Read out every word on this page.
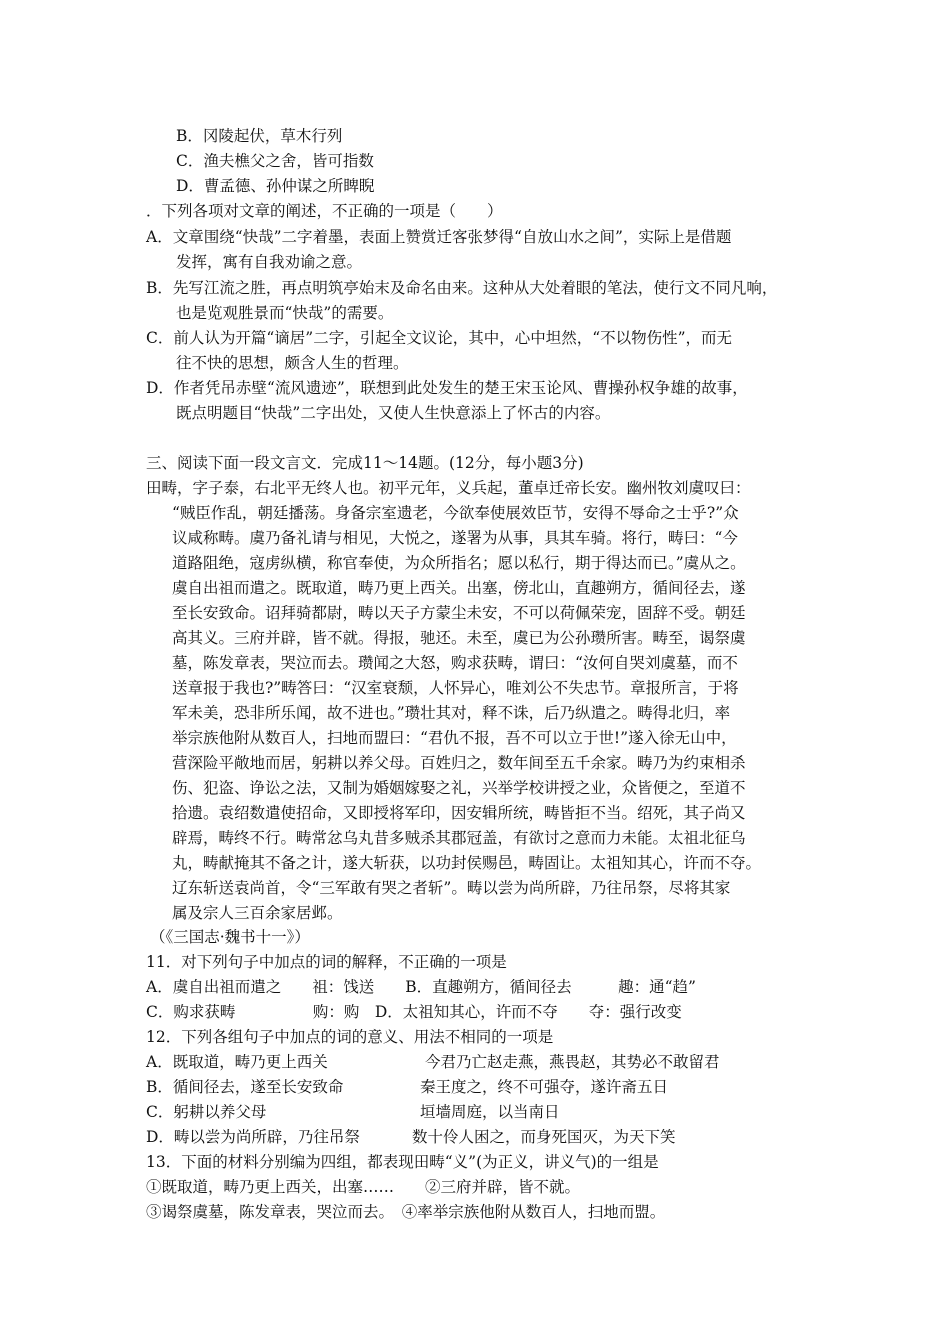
B．冈陵起伏，草木行列
C．渔夫樵父之舍，皆可指数
D．曹孟德、孙仲谋之所睥睨
．下列各项对文章的阐述，不正确的一项是（　　）
A．文章围绕“快哉”二字着墨，表面上赞赏迁客张梦得“自放山水之间”，实际上是借题
发挥，寓有自我劝谕之意。
B．先写江流之胜，再点明筑亭始末及命名由来。这种从大处着眼的笔法，使行文不同凡响，
也是览观胜景而“快哉”的需要。
C．前人认为开篇“谪居”二字，引起全文议论，其中，心中坦然，“不以物伤性”，而无
往不快的思想，颇含人生的哲理。
D．作者凭吊赤壁“流风遗迹”，联想到此处发生的楚王宋玉论风、曹操孙权争雄的故事，
既点明题目“快哉”二字出处，又使人生快意添上了怀古的内容。
三、阅读下面一段文言文．完成11～14题。(12分，每小题3分)
田畴，字子泰，右北平无终人也。初平元年，义兵起，董卓迁帝长安。幽州牧刘虞叹曰：
“贼臣作乱，朝廷播荡。身备宗室遗老，今欲奉使展效臣节，安得不辱命之士乎?”众
议咸称畴。虞乃备礼请与相见，大悦之，遂署为从事，具其车骑。将行，畴曰：“今
道路阻绝，寇虏纵横，称官奉使，为众所指名；愿以私行，期于得达而已。”虞从之。
虞自出祖而遣之。既取道，畴乃更上西关。出塞，傍北山，直趣朔方，循间径去，遂
至长安致命。诏拜骑都尉，畴以天子方蒙尘未安，不可以荷佩荣宠，固辞不受。朝廷
高其义。三府并辟，皆不就。得报，驰还。未至，虞已为公孙瓒所害。畴至，谒祭虞
墓，陈发章表，哭泣而去。瓒闻之大怒，购求获畴，谓曰：“汝何自哭刘虞墓，而不
送章报于我也?”畴答曰：“汉室衰颓，人怀异心，唯刘公不失忠节。章报所言，于将
军未美，恐非所乐闻，故不进也。”瓒壮其对，释不诛，后乃纵遣之。畴得北归，率
举宗族他附从数百人，扫地而盟曰：“君仇不报，吾不可以立于世!”遂入徐无山中，
营深险平敞地而居，躬耕以养父母。百姓归之，数年间至五千余家。畴乃为约束相杀
伤、犯盗、诤讼之法，又制为婚姻嫁娶之礼，兴举学校讲授之业，众皆便之，至道不
拾遗。袁绍数遣使招命，又即授将军印，因安辑所统，畴皆拒不当。绍死，其子尚又
辟焉，畴终不行。畴常忿乌丸昔多贼杀其郡冠盖，有欲讨之意而力未能。太祖北征乌
丸，畴献掩其不备之计，遂大斩获，以功封侯赐邑，畴固让。太祖知其心，许而不夺。
辽东斩送袁尚首，令“三军敢有哭之者斩”。畴以尝为尚所辟，乃往吊祭，尽将其家
属及宗人三百余家居邺。
（《三国志·魏书十一》）
11．对下列句子中加点的词的解释，不正确的一项是
A．虞自出祖而遣之　　祖：饯送　　B．直趣朔方，循间径去　　　趣：通“趋”
C．购求获畴　　　　　购：购　D．太祖知其心，许而不夺　　夺：强行改变
12．下列各组句子中加点的词的意义、用法不相同的一项是
A．既取道，畴乃更上西关	今君乃亡赵走燕，燕畏赵，其势必不敢留君
B．循间径去，遂至长安致命	秦王度之，终不可强夺，遂许斋五日
C．躬耕以养父母	垣墙周庭，以当南日
D．畴以尝为尚所辟，乃往吊祭	数十伶人困之，而身死国灭，为天下笑
13．下面的材料分别编为四组，都表现田畴“义”(为正义，讲义气)的一组是
①既取道，畴乃更上西关，出塞……　　②三府并辟，皆不就。
③谒祭虞墓，陈发章表，哭泣而去。　④率举宗族他附从数百人，扫地而盟。
